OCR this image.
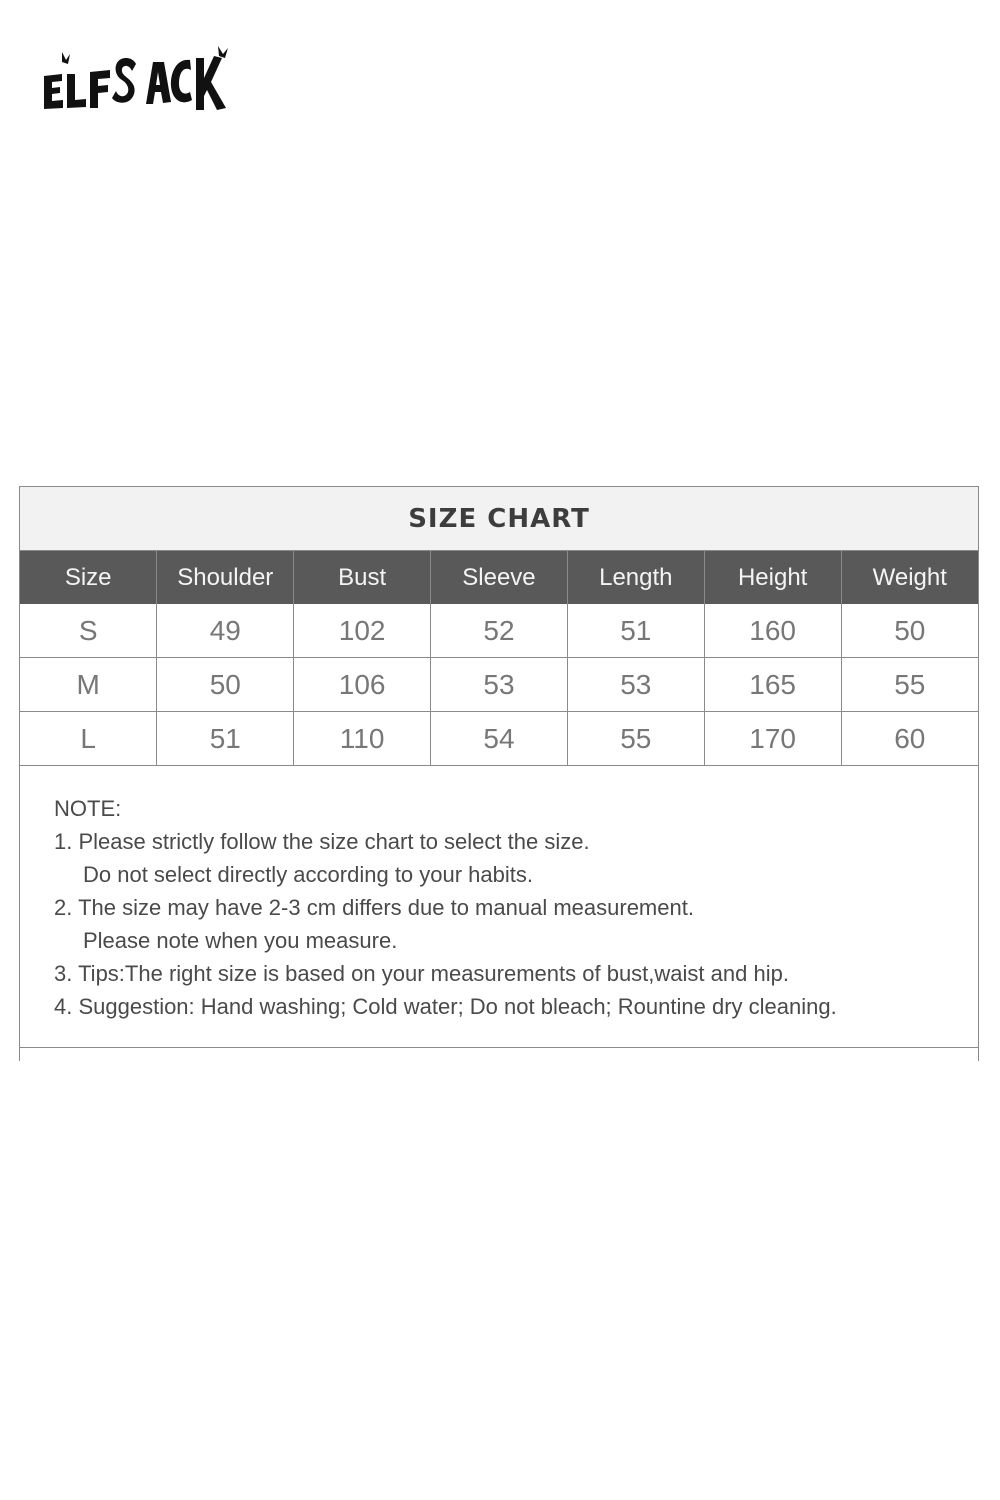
SIZE CHART
Size	Shoulder	Bust	Sleeve	Length	Height	Weight
S	49	102	52	51	160	50
M	50	106	53	53	165	55
L	51	110	54	55	170	60
NOTE:
1. Please strictly follow the size chart to select the size.
Do not select directly according to your habits.
2. The size may have 2-3 cm differs due to manual measurement.
Please note when you measure.
3. Tips:The right size is based on your measurements of bust,waist and hip.
4. Suggestion: Hand washing; Cold water; Do not bleach; Rountine dry cleaning.
